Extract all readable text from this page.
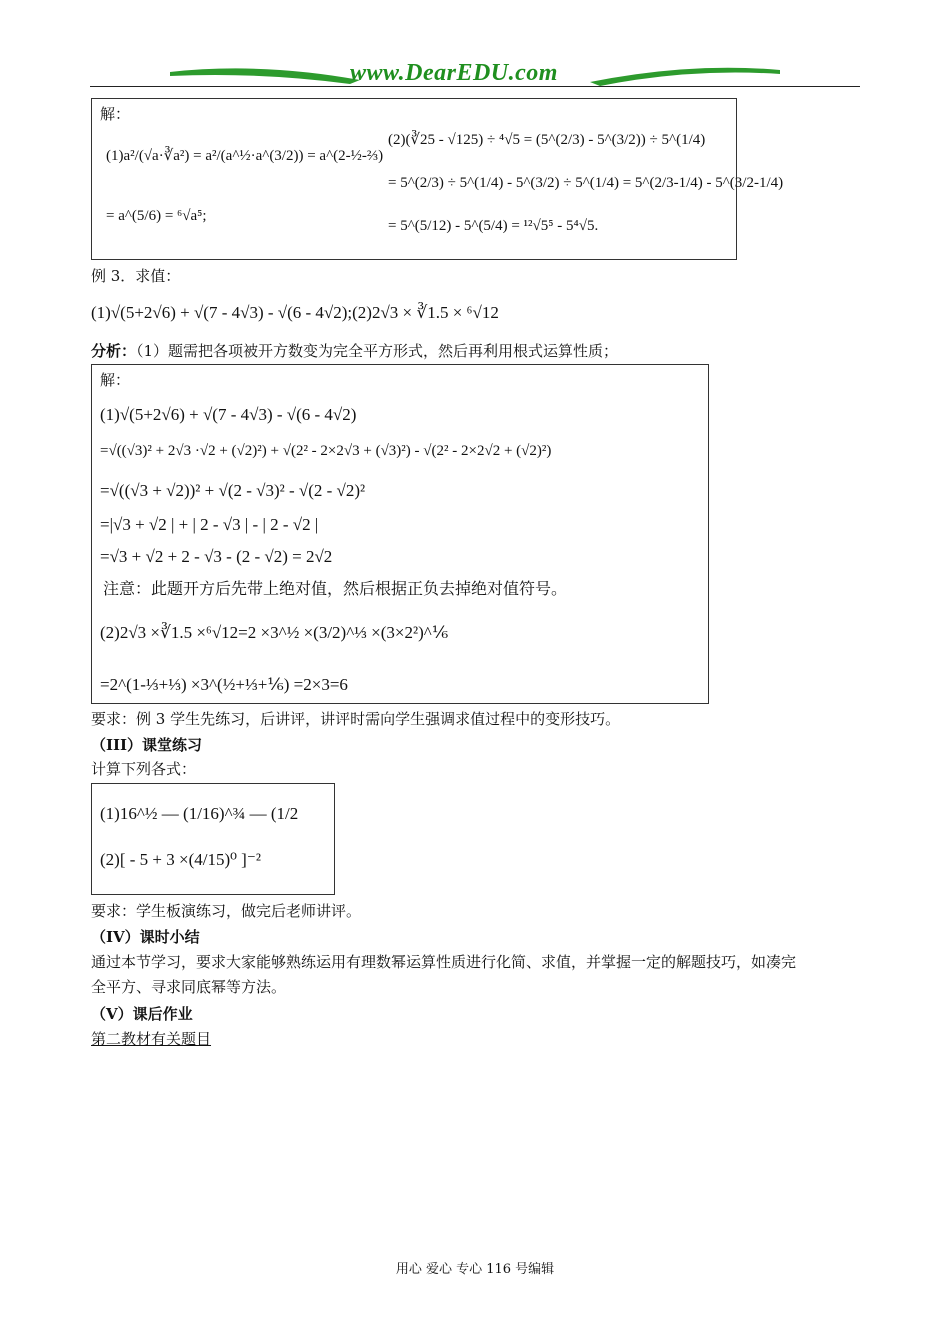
www.DearEDU.com
解：
(1)a²/(√a·∛a²) = a²/(a^½·a^(3/2)) = a^(2-½-⅔)
= a^(5/6) = ⁶√a⁵;
(2)(∛25 - √125) ÷ ⁴√5 = (5^(2/3) - 5^(3/2)) ÷ 5^(1/4)
= 5^(2/3) ÷ 5^(1/4) - 5^(3/2) ÷ 5^(1/4) = 5^(2/3-1/4) - 5^(3/2-1/4)
= 5^(5/12) - 5^(5/4) = ¹²√5⁵ - 5⁴√5.
例 3．求值：
(1)√(5+2√6) + √(7 - 4√3) - √(6 - 4√2);(2)2√3 × ∛1.5 × ⁶√12
分析：（1）题需把各项被开方数变为完全平方形式，然后再利用根式运算性质；
解：
(1)√(5+2√6) + √(7 - 4√3) - √(6 - 4√2)
=√((√3)² + 2√3 ·√2 + (√2)²) + √(2² - 2×2√3 + (√3)²) - √(2² - 2×2√2 + (√2)²)
=√((√3 + √2))² + √(2 - √3)² - √(2 - √2)²
=|√3 + √2 | + | 2 - √3 | - | 2 - √2 |
=√3 + √2 + 2 - √3 - (2 - √2) = 2√2
注意：此题开方后先带上绝对值，然后根据正负去掉绝对值符号。
(2)2√3 ×∛1.5 ×⁶√12=2 ×3^½ ×(3/2)^⅓ ×(3×2²)^⅙
=2^(1-⅓+⅓) ×3^(½+⅓+⅙) =2×3=6
要求：例 3 学生先练习，后讲评，讲评时需向学生强调求值过程中的变形技巧。
（III）课堂练习
计算下列各式：
(1)16^½ — (1/16)^¾ — (1/2
(2)[ - 5 + 3 ×(4/15)⁰ ]⁻²
要求：学生板演练习，做完后老师讲评。
（IV）课时小结
通过本节学习，要求大家能够熟练运用有理数幂运算性质进行化简、求值，并掌握一定的解题技巧，如凑完
全平方、寻求同底幂等方法。
（V）课后作业
第二教材有关题目
用心 爱心 专心 116 号编辑
